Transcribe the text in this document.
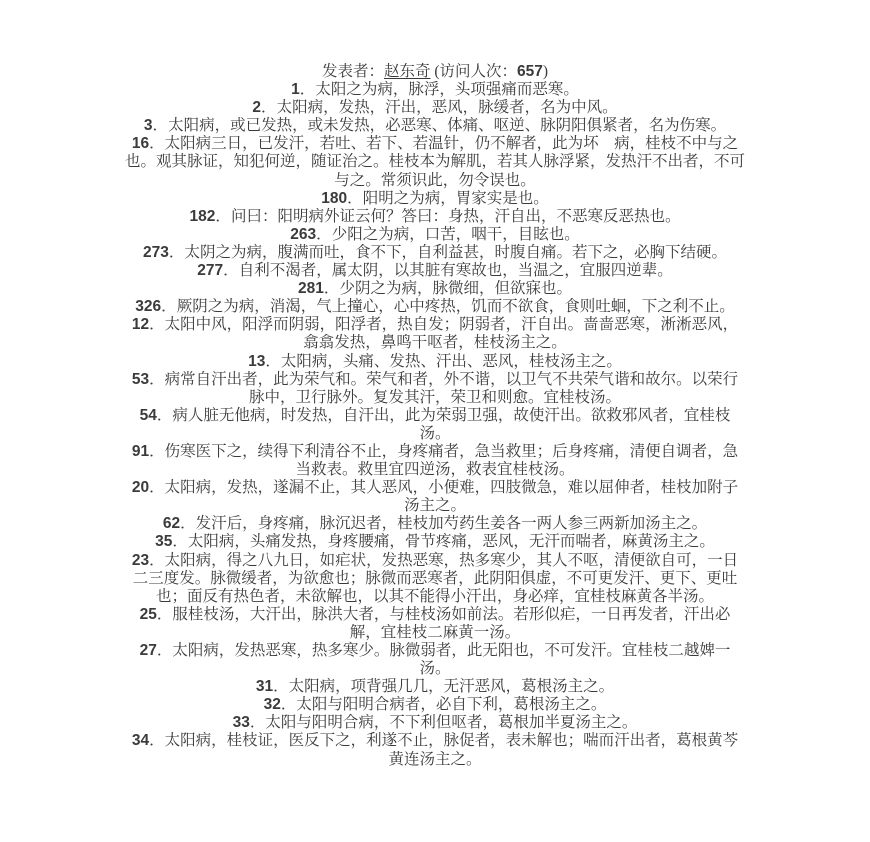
发表者：赵东奇 (访问人次：657)

1．太阳之为病，脉浮，头项强痛而恶寒。

2．太阳病，发热，汗出，恶风，脉缓者，名为中风。

3．太阳病，或已发热，或未发热，必恶寒、体痛、呕逆、脉阴阳俱紧者，名为伤寒。

16．太阳病三日，已发汗，若吐、若下、若温针，仍不解者，此为坏　病，桂枝不中与之也。观其脉证，知犯何逆，随证治之。桂枝本为解肌，若其人脉浮紧，发热汗不出者，不可与之。常须识此，勿令误也。

180．阳明之为病，胃家实是也。

182．问曰：阳明病外证云何？答曰：身热，汗自出，不恶寒反恶热也。

263．少阳之为病，口苦，咽干，目眩也。

273．太阴之为病，腹满而吐，食不下，自利益甚，时腹自痛。若下之，必胸下结硬。

277．自利不渴者，属太阴，以其脏有寒故也，当温之，宜服四逆辈。

281．少阴之为病，脉微细，但欲寐也。

326．厥阴之为病，消渴，气上撞心，心中疼热，饥而不欲食，食则吐蛔，下之利不止。

12．太阳中风，阳浮而阴弱，阳浮者，热自发；阴弱者，汗自出。啬啬恶寒，淅淅恶风，翕翕发热，鼻鸣干呕者，桂枝汤主之。

13．太阳病，头痛、发热、汗出、恶风，桂枝汤主之。

53．病常自汗出者，此为荣气和。荣气和者，外不谐，以卫气不共荣气谐和故尔。以荣行脉中，卫行脉外。复发其汗，荣卫和则愈。宜桂枝汤。

54．病人脏无他病，时发热，自汗出，此为荣弱卫强，故使汗出。欲救邪风者，宜桂枝汤。

91．伤寒医下之，续得下利清谷不止，身疼痛者，急当救里；后身疼痛，清便自调者，急当救表。救里宜四逆汤，救表宜桂枝汤。

20．太阳病，发热，遂漏不止，其人恶风，小便难，四肢微急，难以屈伸者，桂枝加附子汤主之。

62．发汗后，身疼痛，脉沉迟者，桂枝加芍药生姜各一两人参三两新加汤主之。

35．太阳病，头痛发热，身疼腰痛，骨节疼痛，恶风，无汗而喘者，麻黄汤主之。

23．太阳病，得之八九日，如疟状，发热恶寒，热多寒少，其人不呕，清便欲自可，一日二三度发。脉微缓者，为欲愈也；脉微而恶寒者，此阴阳俱虚，不可更发汗、更下、更吐也；面反有热色者，未欲解也，以其不能得小汗出，身必痒，宜桂枝麻黄各半汤。

25．服桂枝汤，大汗出，脉洪大者，与桂枝汤如前法。若形似疟，一日再发者，汗出必解，宜桂枝二麻黄一汤。

27．太阳病，发热恶寒，热多寒少。脉微弱者，此无阳也，不可发汗。宜桂枝二越婢一汤。

31．太阳病，项背强几几，无汗恶风，葛根汤主之。

32．太阳与阳明合病者，必自下利，葛根汤主之。

33．太阳与阳明合病，不下利但呕者，葛根加半夏汤主之。

34．太阳病，桂枝证，医反下之，利遂不止，脉促者，表未解也；喘而汗出者，葛根黄芩黄连汤主之。
